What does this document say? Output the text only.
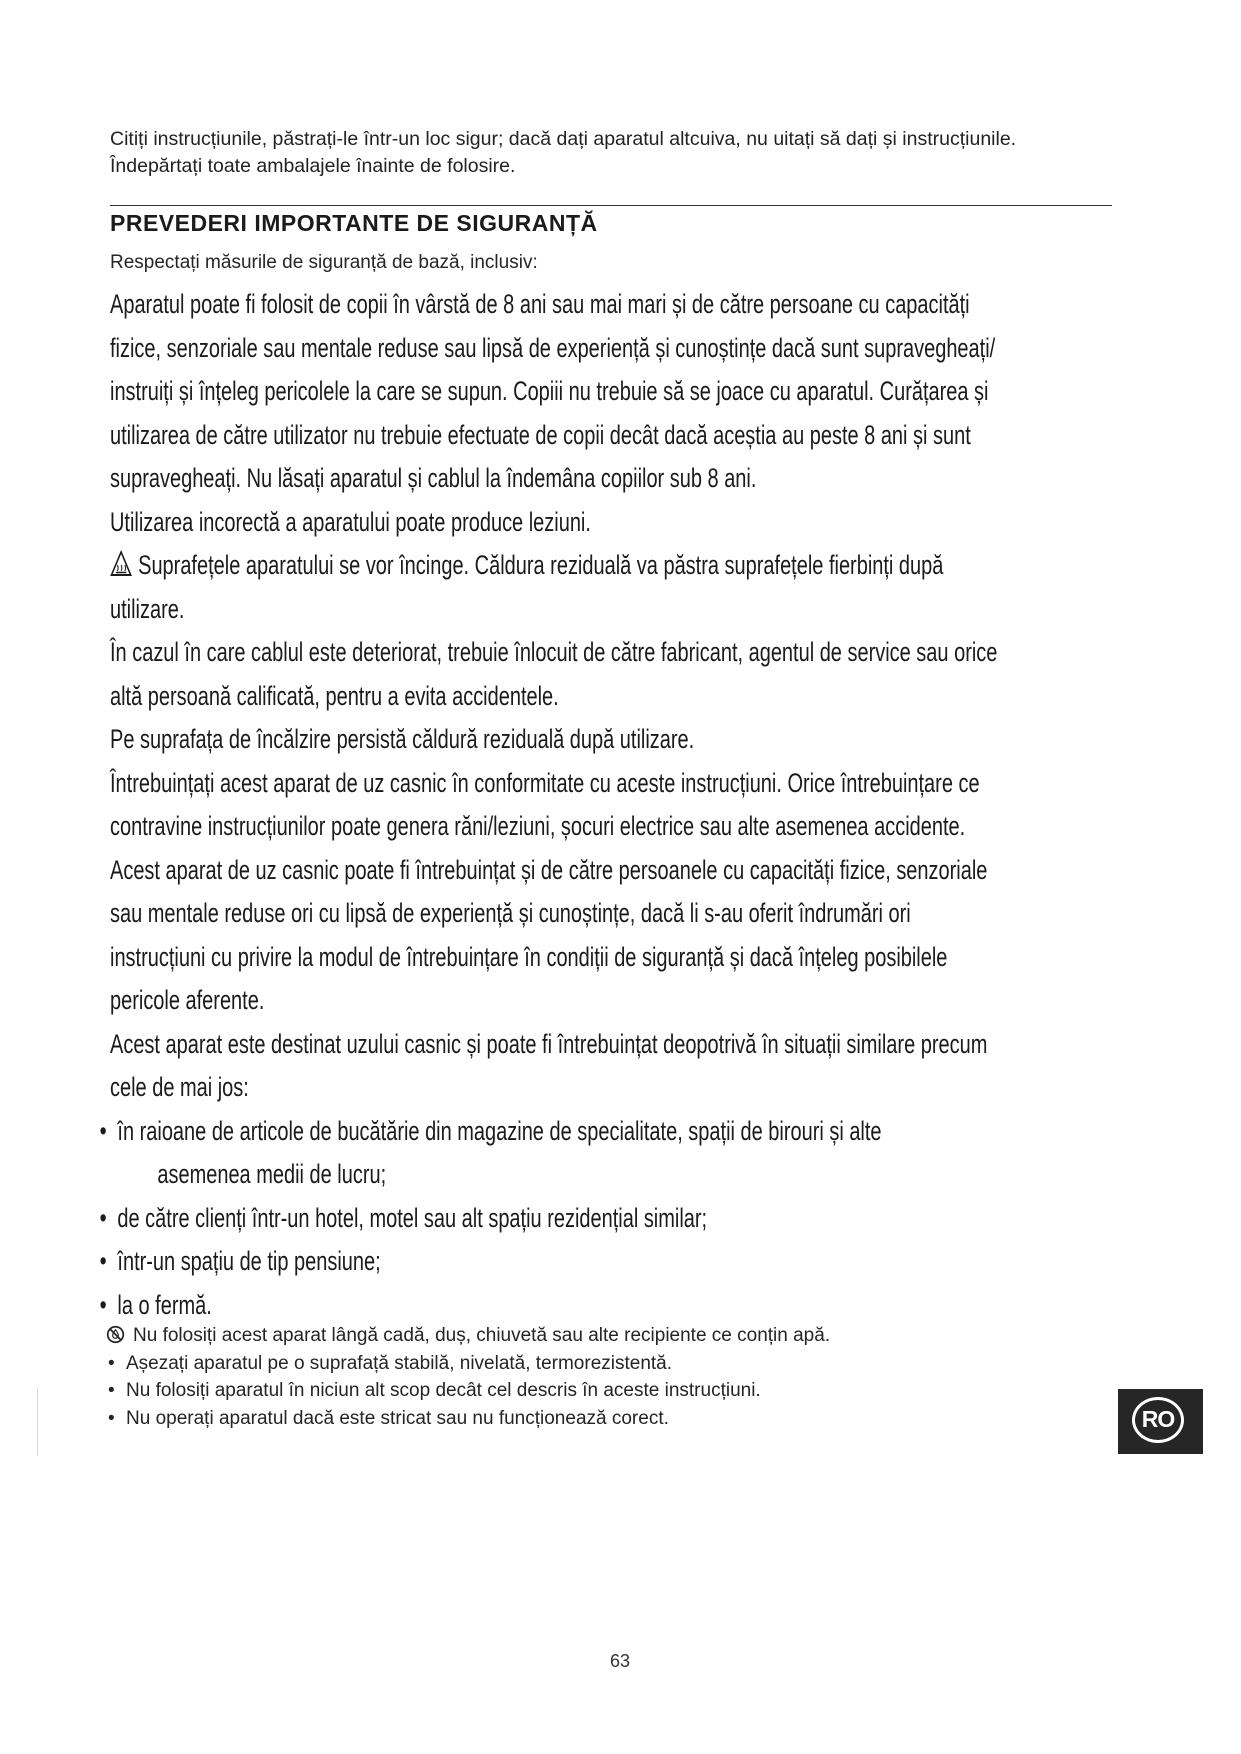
Citiți instrucțiunile, păstrați-le într-un loc sigur; dacă dați aparatul altcuiva, nu uitați să dați și instrucțiunile.
Îndepărtați toate ambalajele înainte de folosire.
PREVEDERI IMPORTANTE DE SIGURANȚĂ
Respectați măsurile de siguranță de bază, inclusiv:
Aparatul poate fi folosit de copii în vârstă de 8 ani sau mai mari și de către persoane cu capacități
fizice, senzoriale sau mentale reduse sau lipsă de experiență și cunoștințe dacă sunt supravegheați/
instruiți și înțeleg pericolele la care se supun. Copiii nu trebuie să se joace cu aparatul. Curățarea și
utilizarea de către utilizator nu trebuie efectuate de copii decât dacă aceștia au peste 8 ani și sunt
supravegheați. Nu lăsați aparatul și cablul la îndemâna copiilor sub 8 ani.
Utilizarea incorectă a aparatului poate produce leziuni.
Suprafețele aparatului se vor încinge. Căldura reziduală va păstra suprafețele fierbinți după
utilizare.
În cazul în care cablul este deteriorat, trebuie înlocuit de către fabricant, agentul de service sau orice
altă persoană calificată, pentru a evita accidentele.
Pe suprafața de încălzire persistă căldură reziduală după utilizare.
Întrebuințați acest aparat de uz casnic în conformitate cu aceste instrucțiuni. Orice întrebuințare ce
contravine instrucțiunilor poate genera răni/leziuni, șocuri electrice sau alte asemenea accidente.
Acest aparat de uz casnic poate fi întrebuințat și de către persoanele cu capacități fizice, senzoriale
sau mentale reduse ori cu lipsă de experiență și cunoștințe, dacă li s-au oferit îndrumări ori
instrucțiuni cu privire la modul de întrebuințare în condiții de siguranță și dacă înțeleg posibilele
pericole aferente.
Acest aparat este destinat uzului casnic și poate fi întrebuințat deopotrivă în situații similare precum
cele de mai jos:
• în raioane de articole de bucătărie din magazine de specialitate, spații de birouri și alte
asemenea medii de lucru;
• de către clienți într-un hotel, motel sau alt spațiu rezidențial similar;
• într-un spațiu de tip pensiune;
• la o fermă.
Nu folosiți acest aparat lângă cadă, duș, chiuvetă sau alte recipiente ce conțin apă.
• Așezați aparatul pe o suprafață stabilă, nivelată, termorezistentă.
• Nu folosiți aparatul în niciun alt scop decât cel descris în aceste instrucțiuni.
• Nu operați aparatul dacă este stricat sau nu funcționează corect.	RO
63
